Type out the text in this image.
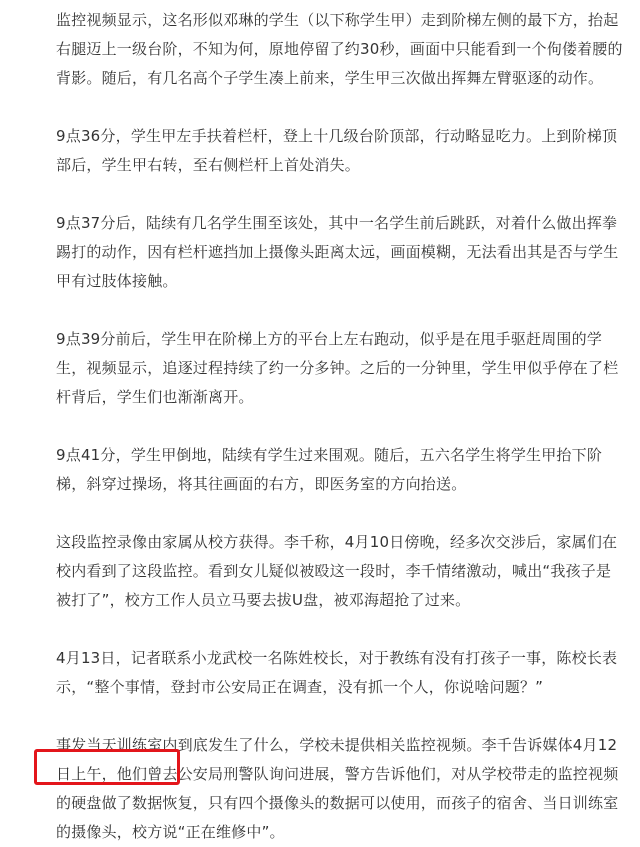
监控视频显示，这名形似邓琳的学生（以下称学生甲）走到阶梯左侧的最下方，抬起右腿迈上一级台阶，不知为何，原地停留了约30秒，画面中只能看到一个佝偻着腰的背影。随后，有几名高个子学生凑上前来，学生甲三次做出挥舞左臂驱逐的动作。

9点36分，学生甲左手扶着栏杆，登上十几级台阶顶部，行动略显吃力。上到阶梯顶部后，学生甲右转，至右侧栏杆上首处消失。

9点37分后，陆续有几名学生围至该处，其中一名学生前后跳跃，对着什么做出挥拳踢打的动作，因有栏杆遮挡加上摄像头距离太远，画面模糊，无法看出其是否与学生甲有过肢体接触。

9点39分前后，学生甲在阶梯上方的平台上左右跑动，似乎是在甩手驱赶周围的学生，视频显示，追逐过程持续了约一分多钟。之后的一分钟里，学生甲似乎停在了栏杆背后，学生们也渐渐离开。

9点41分，学生甲倒地，陆续有学生过来围观。随后，五六名学生将学生甲抬下阶梯，斜穿过操场，将其往画面的右方，即医务室的方向抬送。

这段监控录像由家属从校方获得。李千称，4月10日傍晚，经多次交涉后，家属们在校内看到了这段监控。看到女儿疑似被殴这一段时，李千情绪激动，喊出“我孩子是被打了”，校方工作人员立马要去拔U盘，被邓海超抢了过来。

4月13日，记者联系小龙武校一名陈姓校长，对于教练有没有打孩子一事，陈校长表示，“整个事情，登封市公安局正在调查，没有抓一个人，你说啥问题？”

事发当天训练室内到底发生了什么，学校未提供相关监控视频。李千告诉媒体4月12日上午，他们曾去公安局刑警队询问进展，警方告诉他们，对从学校带走的监控视频的硬盘做了数据恢复，只有四个摄像头的数据可以使用，而孩子的宿舍、当日训练室的摄像头，校方说“正在维修中”。
